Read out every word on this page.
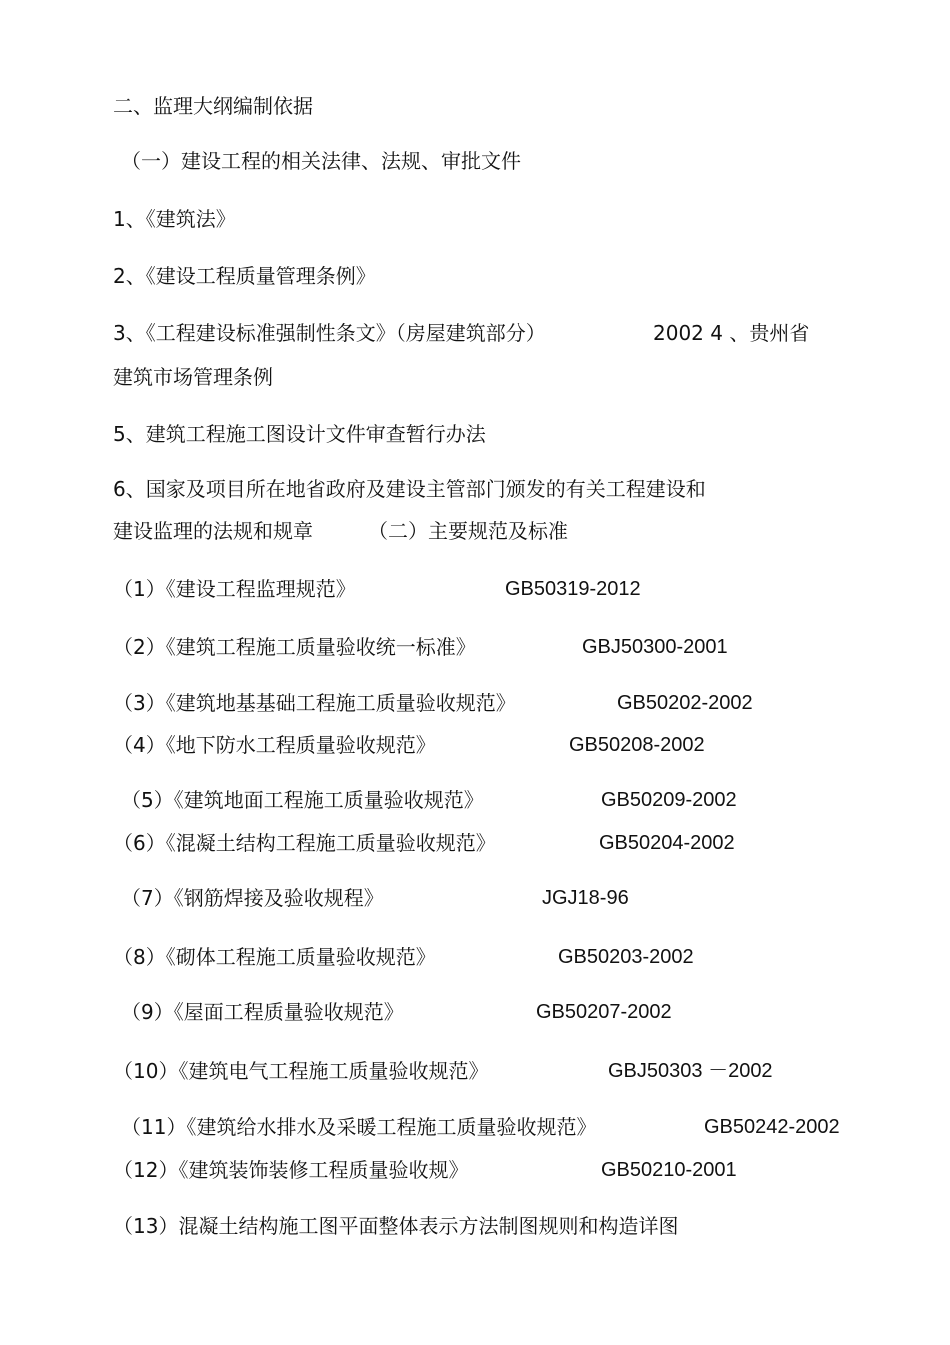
二、监理大纲编制依据
（一）建设工程的相关法律、法规、审批文件
1、《建筑法》
2、《建设工程质量管理条例》
3、《工程建设标准强制性条文》（房屋建筑部分）	2002 4 、贵州省
建筑市场管理条例
5、建筑工程施工图设计文件审查暂行办法
6、国家及项目所在地省政府及建设主管部门颁发的有关工程建设和
建设监理的法规和规章	（二）主要规范及标准
（1）《建设工程监理规范》	GB50319-2012
（2）《建筑工程施工质量验收统一标准》	GBJ50300-2001
（3）《建筑地基基础工程施工质量验收规范》	GB50202-2002
（4）《地下防水工程质量验收规范》	GB50208-2002
（5）《建筑地面工程施工质量验收规范》	GB50209-2002
（6）《混凝土结构工程施工质量验收规范》	GB50204-2002
（7）《钢筋焊接及验收规程》	JGJ18-96
（8）《砌体工程施工质量验收规范》	GB50203-2002
（9）《屋面工程质量验收规范》	GB50207-2002
（10）《建筑电气工程施工质量验收规范》	GBJ50303 －2002
（11）《建筑给水排水及采暖工程施工质量验收规范》	GB50242-2002
（12）《建筑装饰装修工程质量验收规》	GB50210-2001
（13）混凝土结构施工图平面整体表示方法制图规则和构造详图
